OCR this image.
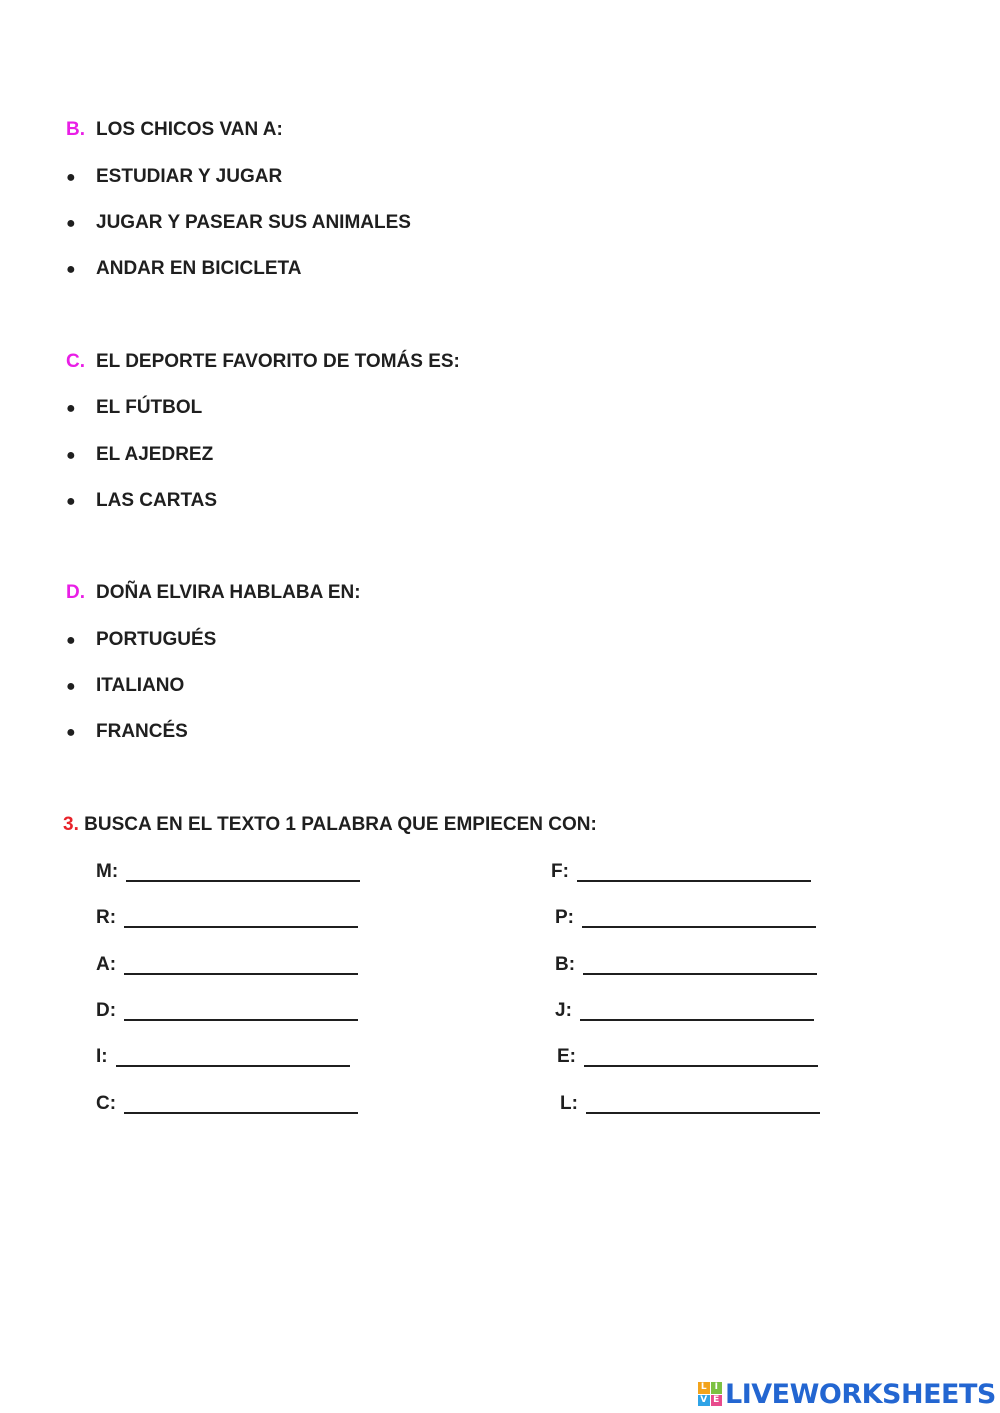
B. LOS CHICOS VAN A:
● ESTUDIAR Y JUGAR
● JUGAR Y PASEAR SUS ANIMALES
● ANDAR EN BICICLETA
C. EL DEPORTE FAVORITO DE TOMÁS ES:
● EL FÚTBOL
● EL AJEDREZ
● LAS CARTAS
D. DOÑA ELVIRA HABLABA EN:
● PORTUGUÉS
● ITALIANO
● FRANCÉS
3. BUSCA EN EL TEXTO 1 PALABRA QUE EMPIECEN CON:
M:
R:
A:
D:
I:
C:
F:
P:
B:
J:
E:
L:
L I
V E LIVEWORKSHEETS
